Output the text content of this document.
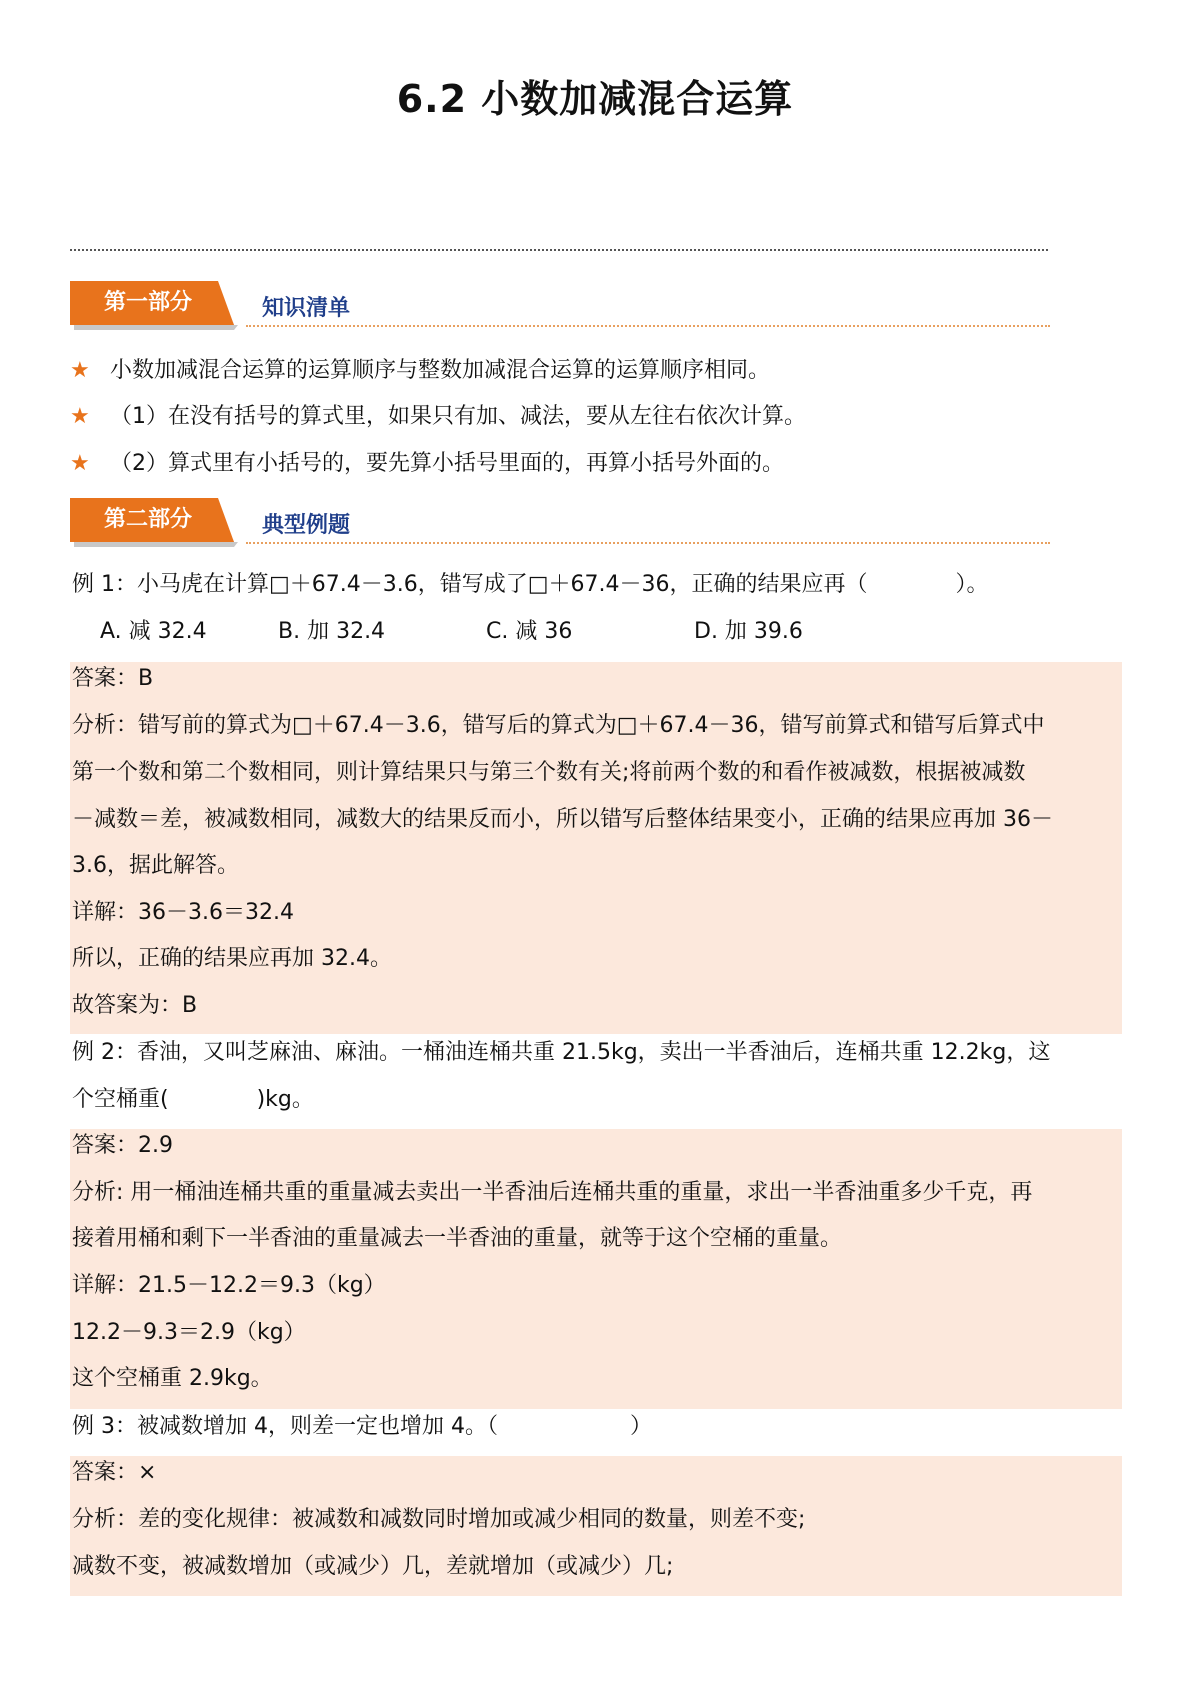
6.2 小数加减混合运算
第一部分	知识清单
★ 小数加减混合运算的运算顺序与整数加减混合运算的运算顺序相同。
★ （1）在没有括号的算式里，如果只有加、减法，要从左往右依次计算。
★ （2）算式里有小括号的，要先算小括号里面的，再算小括号外面的。
第二部分	典型例题
例 1：小马虎在计算□＋67.4－3.6，错写成了□＋67.4－36，正确的结果应再（　　　　）。
A. 减 32.4	B. 加 32.4	C. 减 36	D. 加 39.6
答案：B
分析：错写前的算式为□＋67.4－3.6，错写后的算式为□＋67.4－36，错写前算式和错写后算式中
第一个数和第二个数相同，则计算结果只与第三个数有关;将前两个数的和看作被减数，根据被减数
－减数＝差，被减数相同，减数大的结果反而小，所以错写后整体结果变小，正确的结果应再加 36－
3.6，据此解答。
详解：36－3.6＝32.4
所以，正确的结果应再加 32.4。
故答案为：B
例 2：香油，又叫芝麻油、麻油。一桶油连桶共重 21.5kg，卖出一半香油后，连桶共重 12.2kg，这
个空桶重(　　　　)kg。
答案：2.9
分析: 用一桶油连桶共重的重量减去卖出一半香油后连桶共重的重量，求出一半香油重多少千克，再
接着用桶和剩下一半香油的重量减去一半香油的重量，就等于这个空桶的重量。
详解：21.5－12.2＝9.3（kg）
12.2－9.3＝2.9（kg）
这个空桶重 2.9kg。
例 3：被减数增加 4，则差一定也增加 4。（　　　　　　）
答案：×
分析：差的变化规律：被减数和减数同时增加或减少相同的数量，则差不变;
减数不变，被减数增加（或减少）几，差就增加（或减少）几;
